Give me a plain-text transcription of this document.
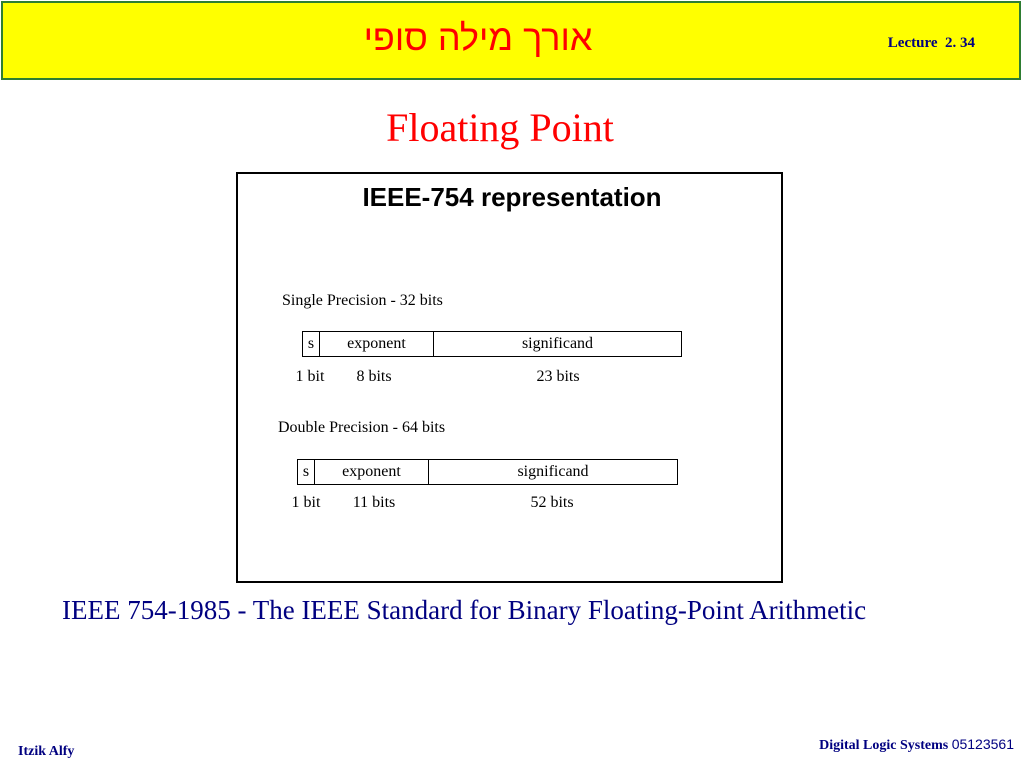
אורך מילה סופי	Lecture  2. 34
Floating Point
IEEE-754 representation
Single Precision - 32 bits
s	exponent	significand
1 bit	8 bits	23 bits
Double Precision - 64 bits
s	exponent	significand
1 bit	11 bits	52 bits
IEEE 754-1985 - The IEEE Standard for Binary Floating-Point Arithmetic
Itzik Alfy	Digital Logic Systems 05123561
